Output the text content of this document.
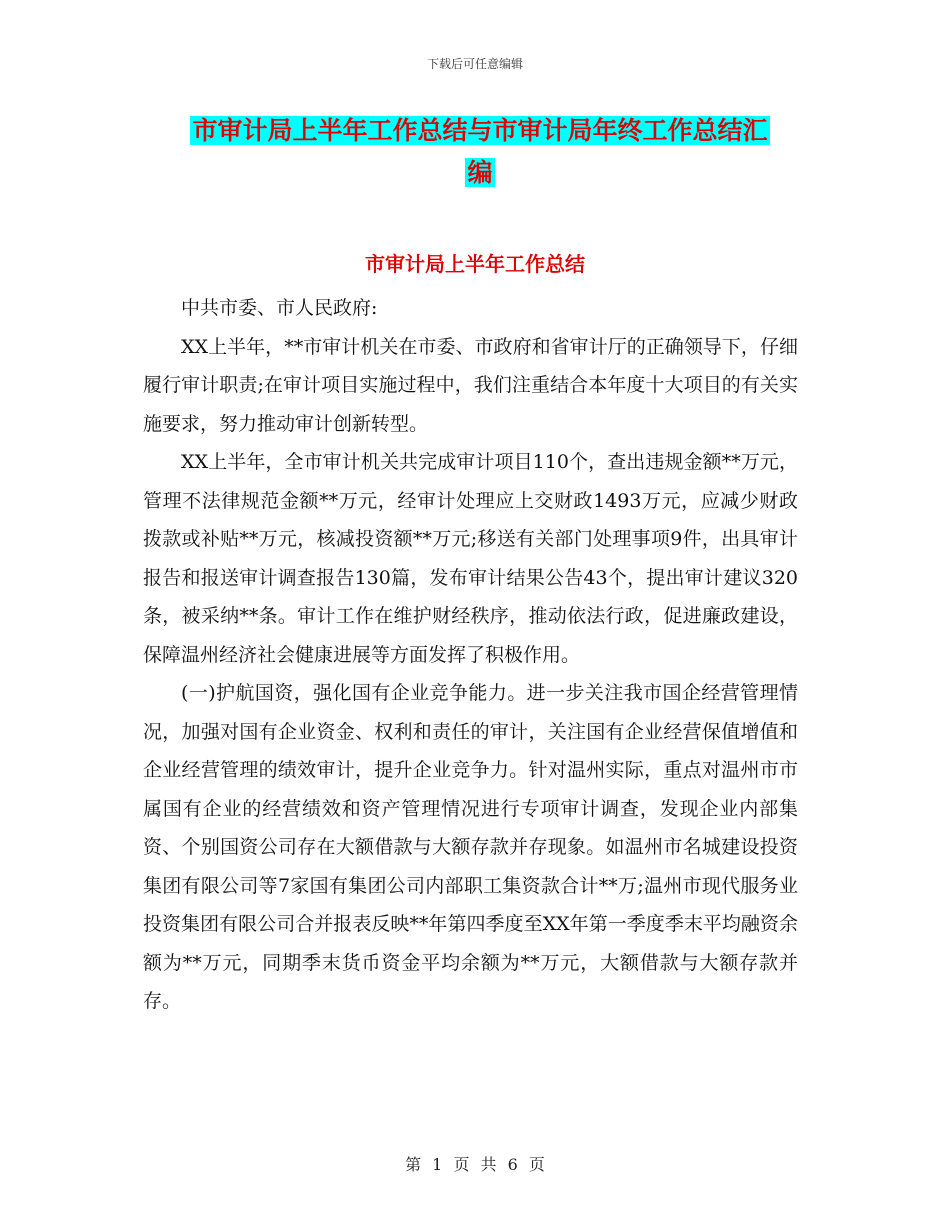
下载后可任意编辑
市审计局上半年工作总结与市审计局年终工作总结汇
编
市审计局上半年工作总结

中共市委、市人民政府:

XX上半年，**市审计机关在市委、市政府和省审计厅的正确领导下，仔细履行审计职责;在审计项目实施过程中，我们注重结合本年度十大项目的有关实施要求，努力推动审计创新转型。

XX上半年，全市审计机关共完成审计项目110个，查出违规金额**万元，管理不法律规范金额**万元，经审计处理应上交财政1493万元，应减少财政拨款或补贴**万元，核减投资额**万元;移送有关部门处理事项9件，出具审计报告和报送审计调查报告130篇，发布审计结果公告43个，提出审计建议320条，被采纳**条。审计工作在维护财经秩序，推动依法行政，促进廉政建设，保障温州经济社会健康进展等方面发挥了积极作用。

(一)护航国资，强化国有企业竞争能力。进一步关注我市国企经营管理情况，加强对国有企业资金、权利和责任的审计，关注国有企业经营保值增值和企业经营管理的绩效审计，提升企业竞争力。针对温州实际，重点对温州市市属国有企业的经营绩效和资产管理情况进行专项审计调查，发现企业内部集资、个别国资公司存在大额借款与大额存款并存现象。如温州市名城建设投资集团有限公司等7家国有集团公司内部职工集资款合计**万;温州市现代服务业投资集团有限公司合并报表反映**年第四季度至XX年第一季度季末平均融资余额为**万元，同期季末货币资金平均余额为**万元，大额借款与大额存款并存。

第 1 页 共 6 页
